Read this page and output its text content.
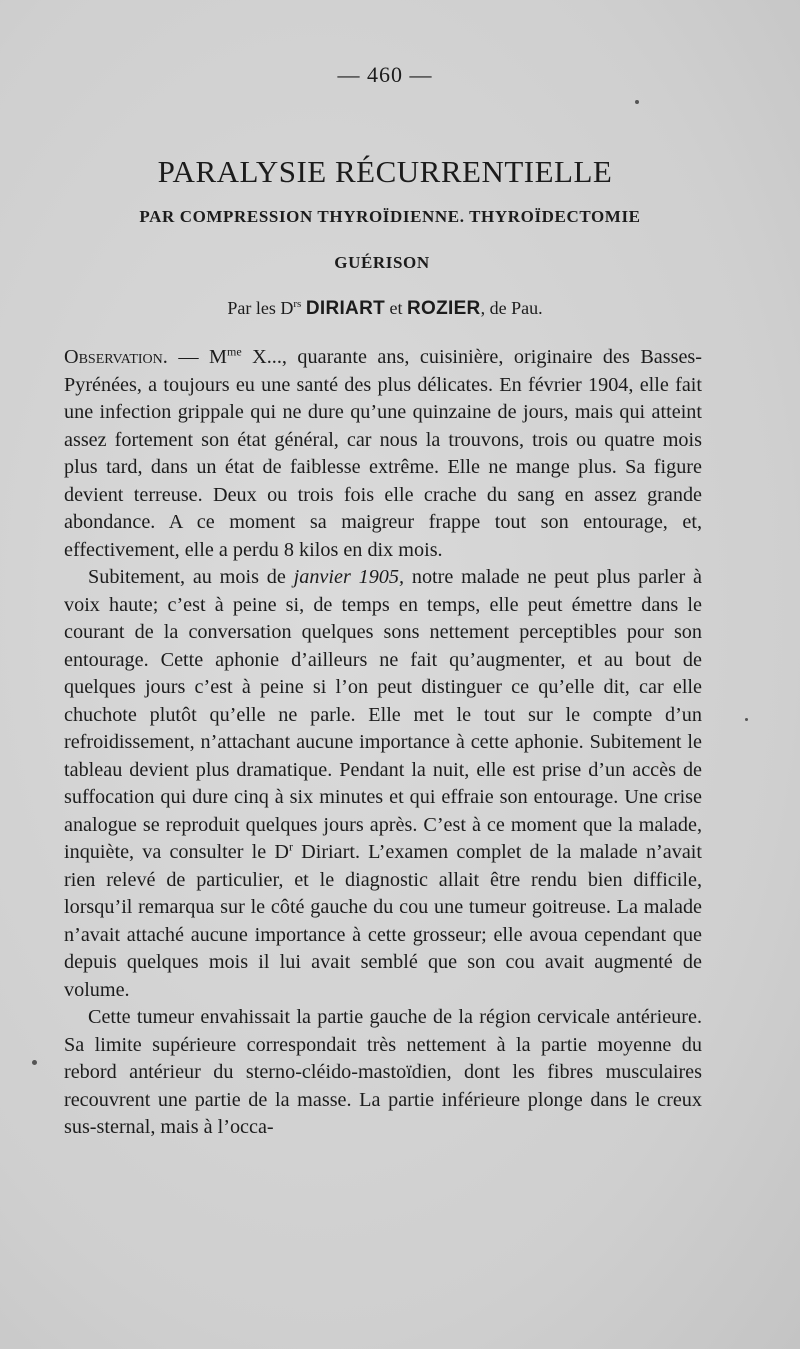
— 460 —
PARALYSIE RÉCURRENTIELLE
PAR COMPRESSION THYROÏDIENNE. THYROÏDECTOMIE
GUÉRISON
Par les $D^{rs}$ DIRIART et ROZIER, de Pau.

Observation. — $M^{me}$ X..., quarante ans, cuisinière, originaire des Basses-Pyrénées, a toujours eu une santé des plus délicates. En février 1904, elle fait une infection grippale qui ne dure qu’une quinzaine de jours, mais qui atteint assez fortement son état général, car nous la trouvons, trois ou quatre mois plus tard, dans un état de faiblesse extrême. Elle ne mange plus. Sa figure devient terreuse. Deux ou trois fois elle crache du sang en assez grande abondance. A ce moment sa maigreur frappe tout son entourage, et, effectivement, elle a perdu 8 kilos en dix mois.

Subitement, au mois de janvier 1905, notre malade ne peut plus parler à voix haute; c’est à peine si, de temps en temps, elle peut émettre dans le courant de la conversation quelques sons nettement perceptibles pour son entourage. Cette aphonie d’ailleurs ne fait qu’augmenter, et au bout de quelques jours c’est à peine si l’on peut distinguer ce qu’elle dit, car elle chuchote plutôt qu’elle ne parle. Elle met le tout sur le compte d’un refroidissement, n’attachant aucune importance à cette aphonie. Subitement le tableau devient plus dramatique. Pendant la nuit, elle est prise d’un accès de suffocation qui dure cinq à six minutes et qui effraie son entourage. Une crise analogue se reproduit quelques jours après. C’est à ce moment que la malade, inquiète, va consulter le $D^r$ Diriart. L’examen complet de la malade n’avait rien relevé de particulier, et le diagnostic allait être rendu bien difficile, lorsqu’il remarqua sur le côté gauche du cou une tumeur goitreuse. La malade n’avait attaché aucune importance à cette grosseur; elle avoua cependant que depuis quelques mois il lui avait semblé que son cou avait augmenté de volume.

Cette tumeur envahissait la partie gauche de la région cervicale antérieure. Sa limite supérieure correspondait très nettement à la partie moyenne du rebord antérieur du sterno-cléido-mastoïdien, dont les fibres musculaires recouvrent une partie de la masse. La partie inférieure plonge dans le creux sus-sternal, mais à l’occa-
